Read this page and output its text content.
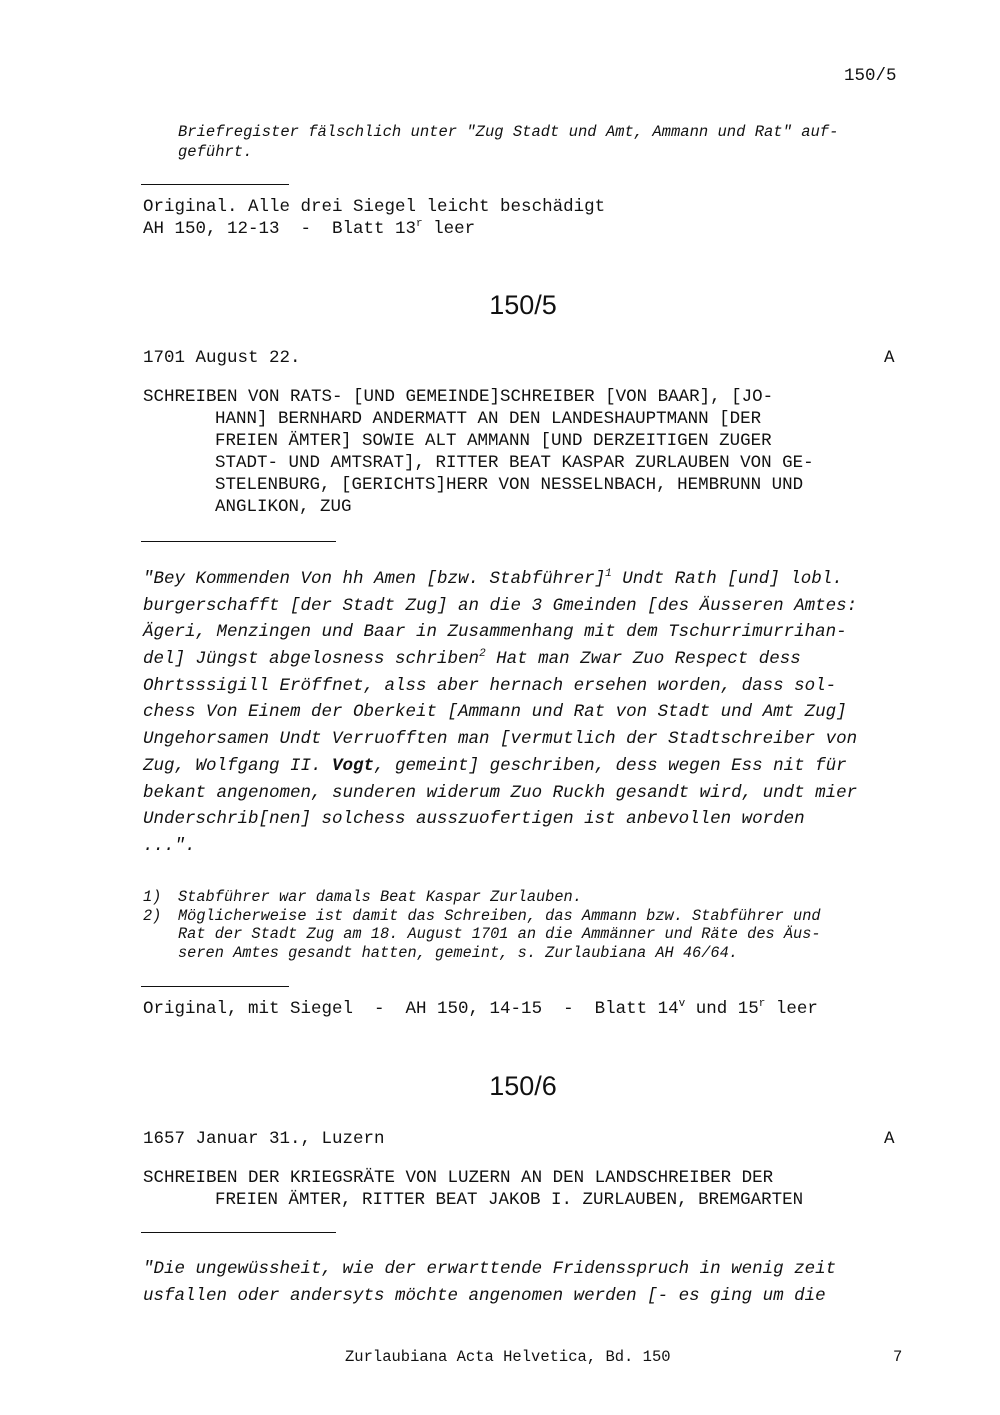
150/5
Briefregister fälschlich unter "Zug Stadt und Amt, Ammann und Rat" auf-
geführt.
Original. Alle drei Siegel leicht beschädigt
AH 150, 12-13  -  Blatt 13$^r$ leer
150/5
1701 August 22.	A
SCHREIBEN VON RATS- [UND GEMEINDE]SCHREIBER [VON BAAR], [JO-
HANN] BERNHARD ANDERMATT AN DEN LANDESHAUPTMANN [DER
FREIEN ÄMTER] SOWIE ALT AMMANN [UND DERZEITIGEN ZUGER
STADT- UND AMTSRAT], RITTER BEAT KASPAR ZURLAUBEN VON GE-
STELENBURG, [GERICHTS]HERR VON NESSELNBACH, HEMBRUNN UND
ANGLIKON, ZUG
"Bey Kommenden Von hh Amen [bzw. Stabführer]$^1$ Undt Rath [und] lobl.
burgerschafft [der Stadt Zug] an die 3 Gmeinden [des Äusseren Amtes:
Ägeri, Menzingen und Baar in Zusammenhang mit dem Tschurrimurrihan-
del] Jüngst abgelosness schriben$^2$ Hat man Zwar Zuo Respect dess
Ohrtsssigill Eröffnet, alss aber hernach ersehen worden, dass sol-
chess Von Einem der Oberkeit [Ammann und Rat von Stadt und Amt Zug]
Ungehorsamen Undt Verruofften man [vermutlich der Stadtschreiber von
Zug, Wolfgang II. Vogt, gemeint] geschriben, dess wegen Ess nit für
bekant angenomen, sunderen widerum Zuo Ruckh gesandt wird, undt mier
Underschrib[nen] solchess ausszuofertigen ist anbevollen worden
...".
1) Stabführer war damals Beat Kaspar Zurlauben.
2) Möglicherweise ist damit das Schreiben, das Ammann bzw. Stabführer und
Rat der Stadt Zug am 18. August 1701 an die Ammänner und Räte des Äus-
seren Amtes gesandt hatten, gemeint, s. Zurlaubiana AH 46/64.
Original, mit Siegel  -  AH 150, 14-15  -  Blatt 14$^v$ und 15$^r$ leer
150/6
1657 Januar 31., Luzern	A
SCHREIBEN DER KRIEGSRÄTE VON LUZERN AN DEN LANDSCHREIBER DER
FREIEN ÄMTER, RITTER BEAT JAKOB I. ZURLAUBEN, BREMGARTEN
"Die ungewüssheit, wie der erwarttende Fridensspruch in wenig zeit
usfallen oder andersyts möchte angenomen werden [- es ging um die
Zurlaubiana Acta Helvetica, Bd. 150	7
